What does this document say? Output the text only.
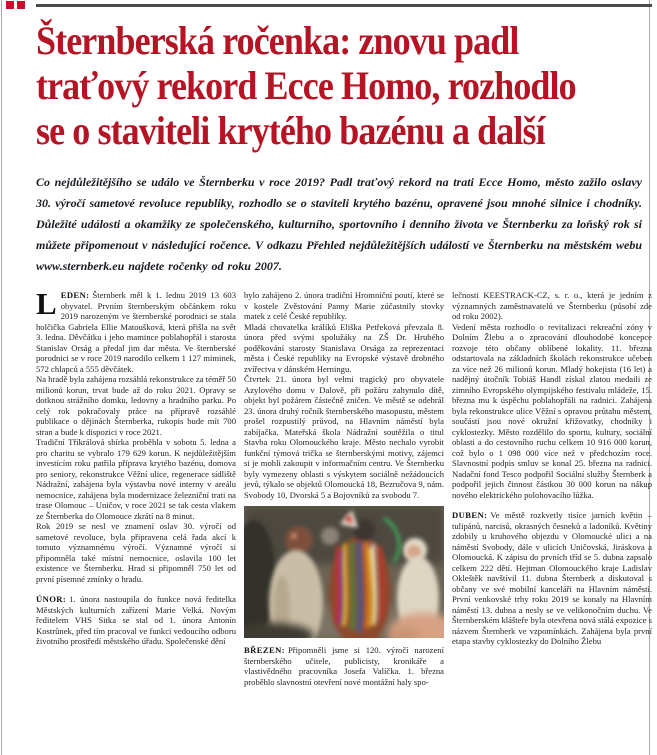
Šternberská ročenka: znovu padl
traťový rekord Ecce Homo, rozhodlo
se o staviteli krytého bazénu a další
Co nejdůležitějšího se událo ve Šternberku v roce 2019? Padl traťový rekord na trati Ecce Homo, město zažilo oslavy 30. výročí sametové revoluce republiky, rozhodlo se o staviteli krytého bazénu, opravené jsou mnohé silnice i chodníky. Důležité události a okamžiky ze společenského, kulturního, sportovního i denního života ve Šternberku za loňský rok si můžete připomenout v následující ročence. V odkazu Přehled nejdůležitějších událostí ve Šternberku na městském webu www.sternberk.eu najdete ročenky od roku 2007.

LEDEN: Šternberk měl k 1. lednu 2019 13 603 obyvatel. Prvním šternberským občánkem roku 2019 narozeným ve šternberské porodnici se stala holčička Gabriela Ellie Matoušková, která přišla na svět 3. ledna. Děvčátku i jeho mamince poblahopřál i starosta Stanislav Orság a předal jim dar města. Ve šternberské porodnici se v roce 2019 narodilo celkem 1 127 miminek, 572 chlapců a 555 děvčátek.

Na hradě byla zahájena rozsáhlá rekonstrukce za téměř 50 milionů korun, trvat bude až do roku 2021. Opravy se dotknou strážního domku, ledovny a hradního parku. Po celý rok pokračovaly práce na přípravě rozsáhlé publikace o dějinách Šternberka, rukopis bude mít 700 stran a bude k dispozici v roce 2021.

Tradiční Tříkrálová sbírka proběhla v sobotu 5. ledna a pro charitu se vybralo 179 629 korun. K nejdůležitějším investicím roku patřila příprava krytého bazénu, domova pro seniory, rekonstrukce Věžní ulice, regenerace sídliště Nádražní, zahájena byla výstavba nové interny v areálu nemocnice, zahájena byla modernizace železniční trati na trase Olomouc – Uničov, v roce 2021 se tak cesta vlakem ze Šternberka do Olomouce zkrátí na 8 minut.

Rok 2019 se nesl ve znamení oslav 30. výročí od sametové revoluce, byla připravena celá řada akcí k tomuto významnému výročí. Významné výročí si připomněla také místní nemocnice, oslavila 100 let existence ve Šternberku. Hrad si připomněl 750 let od první písemné zmínky o hradu.

ÚNOR: 1. února nastoupila do funkce nová ředitelka Městských kulturních zařízení Marie Velká. Novým ředitelem VHS Sitka se stal od 1. února Antonín Kostrůnek, před tím pracoval ve funkci vedoucího odboru životního prostředí městského úřadu. Společenské dění

bylo zahájeno 2. února tradiční Hromniční poutí, které se v kostele Zvěstování Panny Marie zúčastnily stovky matek z celé České republiky.

Mladá chovatelka králíků Eliška Petřeková převzala 8. února před svými spolužáky na ZŠ Dr. Hrubého poděkování starosty Stanislava Orsága za reprezentaci města i České republiky na Evropské výstavě drobného zvířectva v dánském Herningu.

Čtvrtek 21. února byl velmi tragický pro obyvatele Azylového domu v Dalově, při požáru zahynulo dítě, objekt byl požárem částečně zničen. Ve městě se odehrál 23. února druhý ročník šternberského masopustu, městem prošel rozpustilý průvod, na Hlavním náměstí byla zabíjačka. Mateřská škola Nádražní soutěžila o titul Stavba roku Olomouckého kraje. Město nechalo vyrobit funkční týmová trička se šternberskými motivy, zájemci si je mohli zakoupit v informačním centru. Ve Šternberku byly vymezeny oblasti s výskytem sociálně nežádoucích jevů, týkalo se objektů Olomoucká 18, Bezručova 9, nám. Svobody 10, Dvorská 5 a Bojovníků za svobodu 7.

BŘEZEN: Připomněli jsme si 120. výročí narození šternberského učitele, publicisty, kronikáře a vlastivědného pracovníka Josefa Valíčka. 1. března proběhlo slavnostní otevření nové montážní haly spo-

lečnosti KEESTRACK-CZ, s. r. o., která je jedním z významných zaměstnavatelů ve Šternberku (působí zde od roku 2002).

Vedení města rozhodlo o revitalizaci rekreační zóny v Dolním Žlebu a o zpracování dlouhodobé koncepce rozvoje této občany oblíbené lokality. 11. března odstartovala na základních školách rekonstrukce učeben za více než 26 milionů korun. Mladý hokejista (16 let) a nadějný útočník Tobiáš Handl získal zlatou medaili ze zimního Evropského olympijského festivalu mládeže, 15. března mu k úspěchu poblahopřáli na radnici. Zahájena byla rekonstrukce ulice Věžní s opravou průtahu městem, součástí jsou nové okružní křižovatky, chodníky i cyklostezky. Město rozdělilo do sportu, kultury, sociální oblasti a do cestovního ruchu celkem 10 916 000 korun, což bylo o 1 098 000 více než v předchozím roce. Slavnostní podpis smluv se konal 25. března na radnici. Nadační fond Tesco podpořil Sociální služby Šternberk a podpořil jejich činnost částkou 30 000 korun na nákup nového elektrického polohovacího lůžka.

DUBEN: Ve městě rozkvetly tisíce jarních květin – tulipánů, narcisů, okrasných česneků a ladoníků. Květiny zdobily u kruhového objezdu v Olomoucké ulici a na náměstí Svobody, dále v ulicích Uničovská, Jiráskova a Olomoucká. K zápisu do prvních tříd se 5. dubna zapsalo celkem 222 dětí. Hejtman Olomouckého kraje Ladislav Okleštěk navštívil 11. dubna Šternberk a diskutoval s občany ve své mobilní kanceláři na Hlavním náměstí. První venkovské trhy roku 2019 se konaly na Hlavním náměstí 13. dubna a nesly se ve velikonočním duchu. Ve Šternberském klášteře byla otevřena nová stálá expozice s názvem Šternberk ve vzpomínkách. Zahájena byla první etapa stavby cyklostezky do Dolního Žlebu
